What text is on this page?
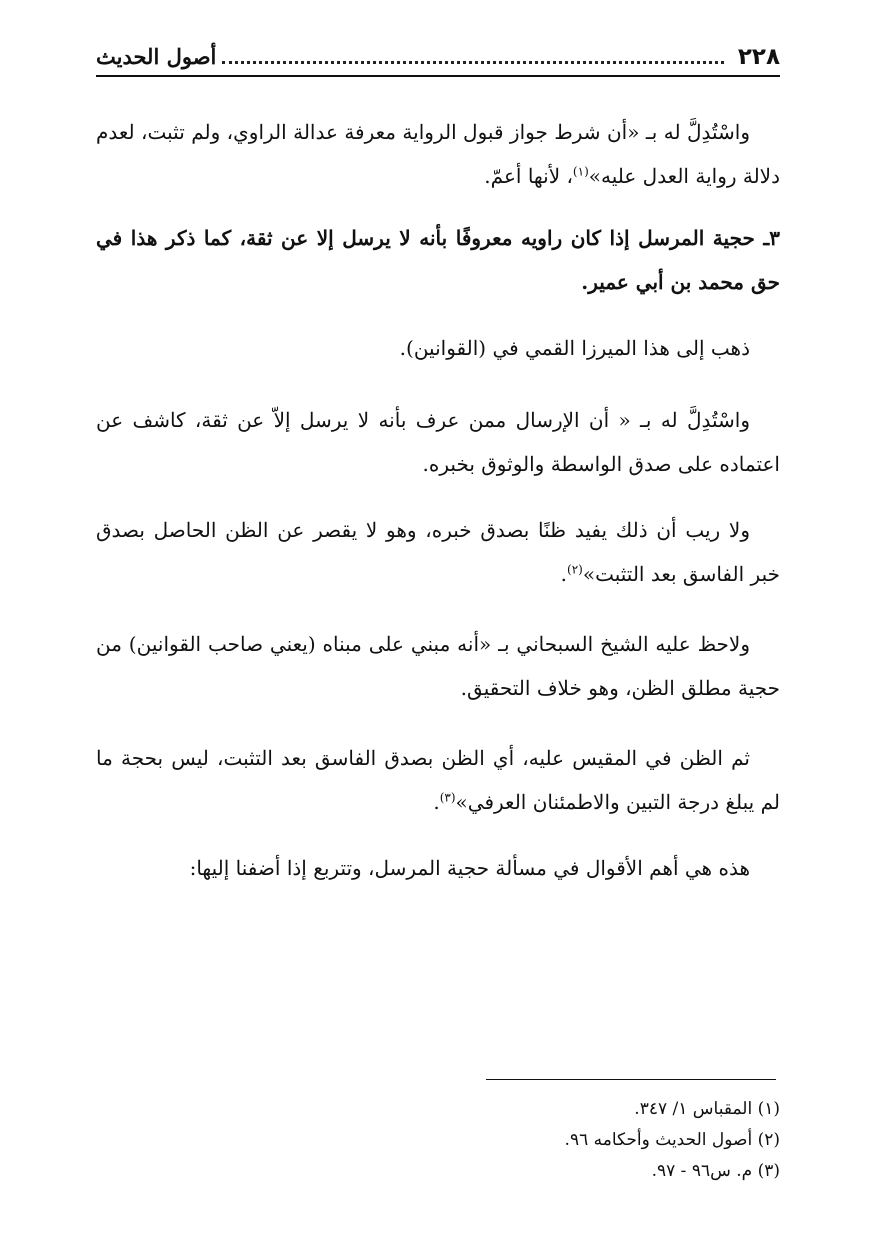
٢٢٨
أصول الحديث

واسْتُدِلَّ له بـ «أن شرط جواز قبول الرواية معرفة عدالة الراوي، ولم تثبت، لعدم دلالة رواية العدل عليه»$^{(١)}$، لأنها أعمّ.

٣ـ حجية المرسل إذا كان راويه معروفًا بأنه لا يرسل إلا عن ثقة، كما ذكر هذا في حق محمد بن أبي عمير.

ذهب إلى هذا الميرزا القمي في (القوانين).

واسْتُدِلَّ له بـ « أن الإرسال ممن عرف بأنه لا يرسل إلاّ عن ثقة، كاشف عن اعتماده على صدق الواسطة والوثوق بخبره.

ولا ريب أن ذلك يفيد ظنًا بصدق خبره، وهو لا يقصر عن الظن الحاصل بصدق خبر الفاسق بعد التثبت»$^{(٢)}$.

ولاحظ عليه الشيخ السبحاني بـ «أنه مبني على مبناه (يعني صاحب القوانين) من حجية مطلق الظن، وهو خلاف التحقيق.

ثم الظن في المقيس عليه، أي الظن بصدق الفاسق بعد التثبت، ليس بحجة ما لم يبلغ درجة التبين والاطمئنان العرفي»$^{(٣)}$.

هذه هي أهم الأقوال في مسألة حجية المرسل، وتتربع إذا أضفنا إليها:

(١) المقباس ١/ ٣٤٧.
(٢) أصول الحديث وأحكامه ٩٦.
(٣) م. س٩٦ - ٩٧.
